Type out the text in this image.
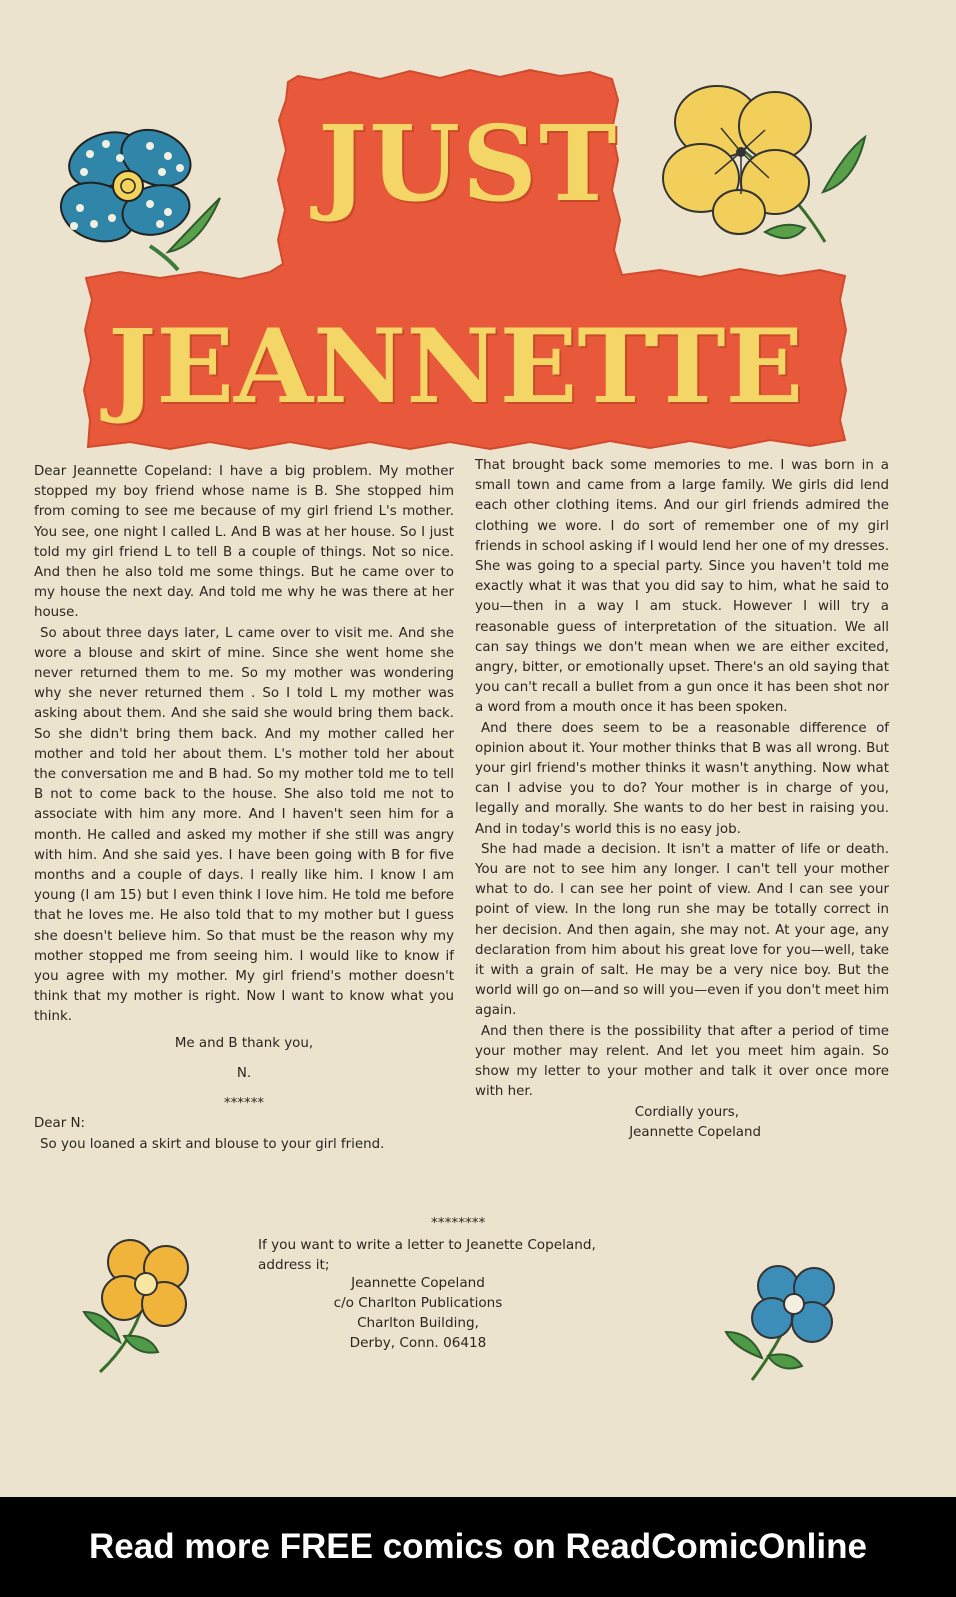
JUST
JEANNETTE

Dear Jeannette Copeland: I have a big problem. My mother stopped my boy friend whose name is B. She stopped him from coming to see me because of my girl friend L's mother. You see, one night I called L. And B was at her house. So I just told my girl friend L to tell B a couple of things. Not so nice. And then he also told me some things. But he came over to my house the next day. And told me why he was there at her house.

So about three days later, L came over to visit me. And she wore a blouse and skirt of mine. Since she went home she never returned them to me. So my mother was wondering why she never returned them . So I told L my mother was asking about them. And she said she would bring them back. So she didn't bring them back. And my mother called her mother and told her about them. L's mother told her about the conversation me and B had. So my mother told me to tell B not to come back to the house. She also told me not to associate with him any more. And I haven't seen him for a month. He called and asked my mother if she still was angry with him. And she said yes. I have been going with B for five months and a couple of days. I really like him. I know I am young (I am 15) but I even think I love him. He told me before that he loves me. He also told that to my mother but I guess she doesn't believe him. So that must be the reason why my mother stopped me from seeing him. I would like to know if you agree with my mother. My girl friend's mother doesn't think that my mother is right. Now I want to know what you think.

Me and B thank you,

N.

******

Dear N:

So you loaned a skirt and blouse to your girl friend.

That brought back some memories to me. I was born in a small town and came from a large family. We girls did lend each other clothing items. And our girl friends admired the clothing we wore. I do sort of remember one of my girl friends in school asking if I would lend her one of my dresses. She was going to a special party. Since you haven't told me exactly what it was that you did say to him, what he said to you—then in a way I am stuck. However I will try a reasonable guess of interpretation of the situation. We all can say things we don't mean when we are either excited, angry, bitter, or emotionally upset. There's an old saying that you can't recall a bullet from a gun once it has been shot nor a word from a mouth once it has been spoken.

And there does seem to be a reasonable difference of opinion about it. Your mother thinks that B was all wrong. But your girl friend's mother thinks it wasn't anything. Now what can I advise you to do? Your mother is in charge of you, legally and morally. She wants to do her best in raising you. And in today's world this is no easy job.

She had made a decision. It isn't a matter of life or death. You are not to see him any longer. I can't tell your mother what to do. I can see her point of view. And I can see your point of view. In the long run she may be totally correct in her decision. And then again, she may not. At your age, any declaration from him about his great love for you—well, take it with a grain of salt. He may be a very nice boy. But the world will go on—and so will you—even if you don't meet him again.

And then there is the possibility that after a period of time your mother may relent. And let you meet him again. So show my letter to your mother and talk it over once more with her.

Cordially yours,

Jeannette Copeland

********

If you want to write a letter to Jeanette Copeland,

address it;

Jeannette Copeland

c/o Charlton Publications

Charlton Building,

Derby, Conn. 06418

Read more FREE comics on ReadComicOnline
